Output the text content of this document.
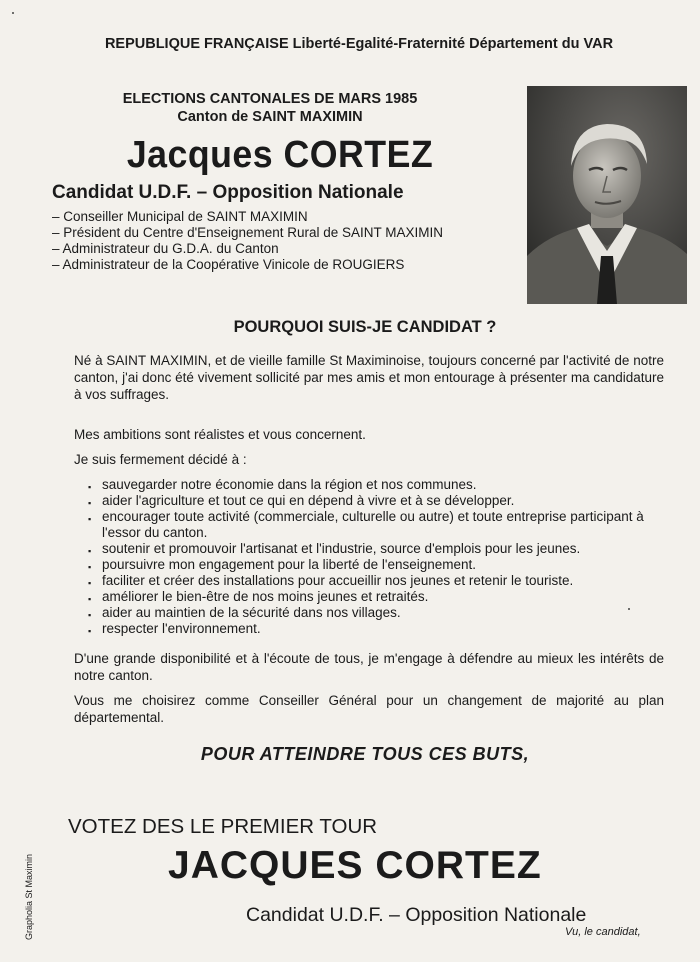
REPUBLIQUE FRANÇAISE Liberté-Egalité-Fraternité Département du VAR
ELECTIONS CANTONALES DE MARS 1985
Canton de SAINT MAXIMIN
Jacques CORTEZ
Candidat U.D.F. – Opposition Nationale
– Conseiller Municipal de SAINT MAXIMIN
– Président du Centre d'Enseignement Rural de SAINT MAXIMIN
– Administrateur du G.D.A. du Canton
– Administrateur de la Coopérative Vinicole de ROUGIERS
POURQUOI SUIS-JE CANDIDAT ?

Né à SAINT MAXIMIN, et de vieille famille St Maximinoise, toujours concerné par l'activité de notre canton, j'ai donc été vivement sollicité par mes amis et mon entourage à présenter ma candidature à vos suffrages.

Mes ambitions sont réalistes et vous concernent.

Je suis fermement décidé à :

▪ sauvegarder notre économie dans la région et nos communes.
▪ aider l'agriculture et tout ce qui en dépend à vivre et à se développer.
▪ encourager toute activité (commerciale, culturelle ou autre) et toute entreprise participant à l'essor du canton.
▪ soutenir et promouvoir l'artisanat et l'industrie, source d'emplois pour les jeunes.
▪ poursuivre mon engagement pour la liberté de l'enseignement.
▪ faciliter et créer des installations pour accueillir nos jeunes et retenir le touriste.
▪ améliorer le bien-être de nos moins jeunes et retraités.
▪ aider au maintien de la sécurité dans nos villages.
▪ respecter l'environnement.

D'une grande disponibilité et à l'écoute de tous, je m'engage à défendre au mieux les intérêts de notre canton.

Vous me choisirez comme Conseiller Général pour un changement de majorité au plan départemental.

POUR ATTEINDRE TOUS CES BUTS,
VOTEZ DES LE PREMIER TOUR
JACQUES CORTEZ
Candidat U.D.F. – Opposition Nationale
Vu, le candidat,
Grapholia St Maximin
